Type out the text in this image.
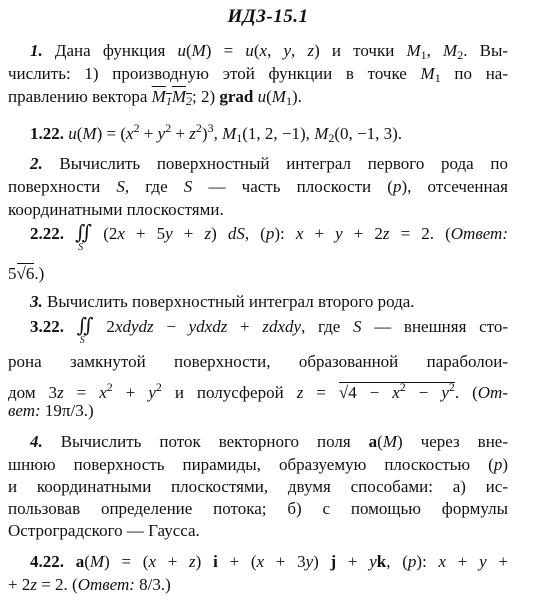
ИДЗ-15.1
1. Дана функция u(M) = u(x, y, z) и точки $M_1$, $M_2$. Вы-
числить: 1) производную этой функции в точке $M_1$ по на-
правлению вектора $M_1M_2$; 2) grad $u(M_1)$.
1.22. $u(M) = (x^2 + y^2 + z^2)^3$, $M_1(1$, 2, −1), $M_2(0$, −1, 3).
2. Вычислить поверхностный интеграл первого рода по
поверхности S, где S — часть плоскости (p), отсеченная
координатными плоскостями.
2.22. ∬
S
(2x + 5y + z) dS, (p): x + y + 2z = 2. (Ответ:
5√6.)
3. Вычислить поверхностный интеграл второго рода.
3.22. ∬
S
2xdydz − ydxdz + zdxdy, где S — внешняя сто-
рона замкнутой поверхности, образованной параболои-
дом $3z = x^2 + y^2$ и полусферой $z = √4 - x^2 - y^2$. (От-
вет: 19π/3.)
4. Вычислить поток векторного поля a(M) через вне-
шнюю поверхность пирамиды, образуемую плоскостью (p)
и координатными плоскостями, двумя способами: а) ис-
пользовав определение потока; б) с помощью формулы
Остроградского — Гаусса.
4.22. a(M) = (x + z) i + (x + 3y) j + yk, (p): x + y +
+ 2z = 2. (Ответ: 8/3.)
